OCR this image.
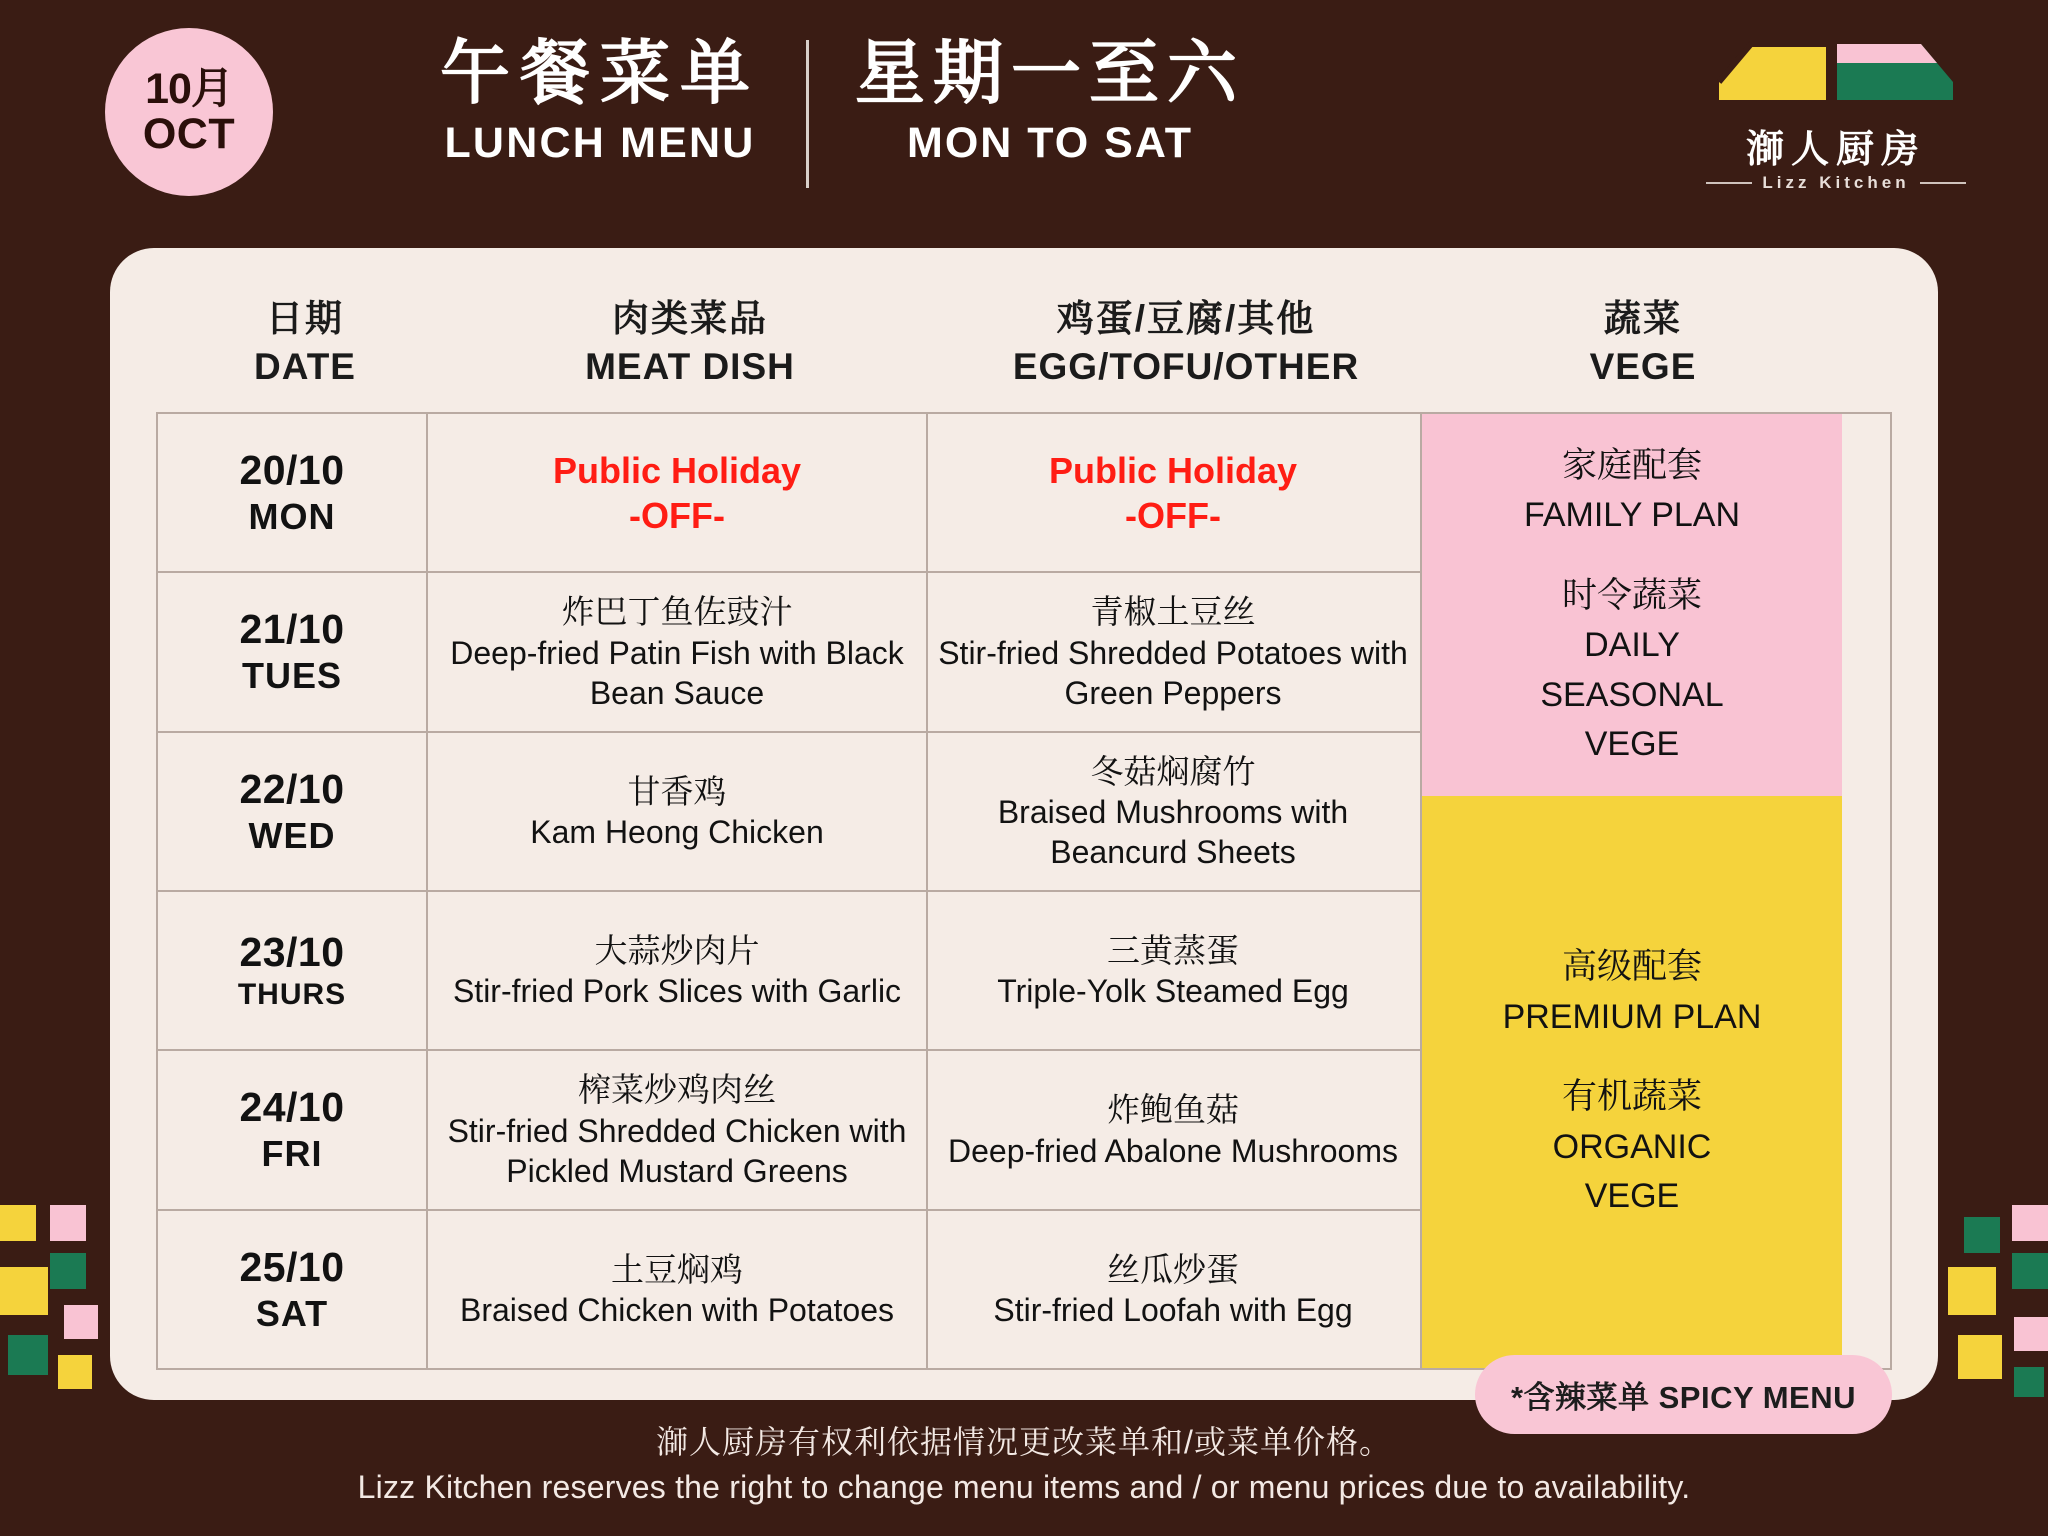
10月
OCT
午餐菜单
LUNCH MENU
星期一至六
MON TO SAT	溮人厨房
Lizz Kitchen
日期
DATE
肉类菜品
MEAT DISH
鸡蛋/豆腐/其他
EGG/TOFU/OTHER
蔬菜
VEGE
20/10
MON
Public Holiday
-OFF-
Public Holiday
-OFF-
21/10
TUES
炸巴丁鱼佐豉汁
Deep-fried Patin Fish with Black Bean Sauce
青椒土豆丝
Stir-fried Shredded Potatoes with Green Peppers
22/10
WED
甘香鸡
Kam Heong Chicken
冬菇焖腐竹
Braised Mushrooms with Beancurd Sheets
23/10
THURS
大蒜炒肉片
Stir-fried Pork Slices with Garlic
三黄蒸蛋
Triple-Yolk Steamed Egg
24/10
FRI
榨菜炒鸡肉丝
Stir-fried Shredded Chicken with Pickled Mustard Greens
炸鲍鱼菇
Deep-fried Abalone Mushrooms
25/10
SAT
土豆焖鸡
Braised Chicken with Potatoes
丝瓜炒蛋
Stir-fried Loofah with Egg
家庭配套
FAMILY PLAN
时令蔬菜
DAILY
SEASONAL
VEGE
高级配套
PREMIUM PLAN
有机蔬菜
ORGANIC
VEGE
*含辣菜单 SPICY MENU
溮人厨房有权利依据情况更改菜单和/或菜单价格。
Lizz Kitchen reserves the right to change menu items and / or menu prices due to availability.
